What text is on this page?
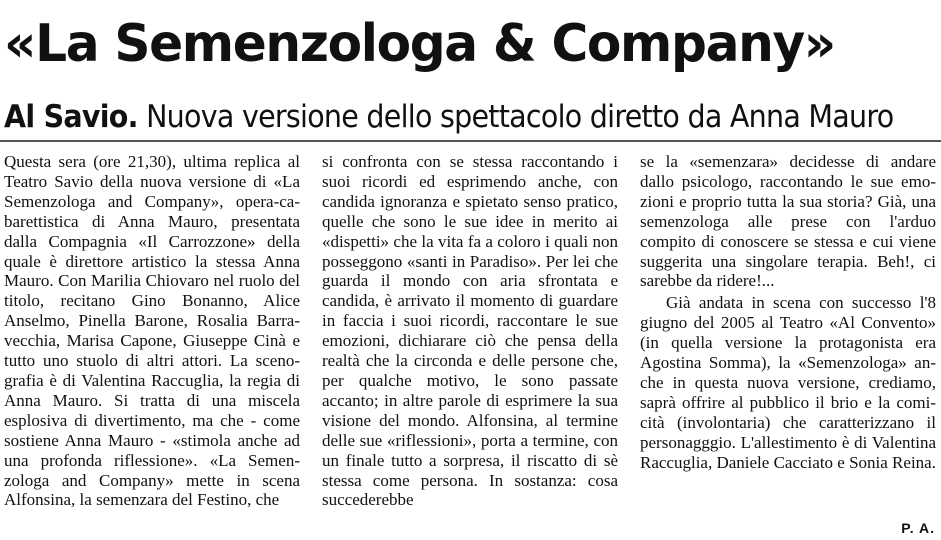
«La Semenzologa & Company»
Al Savio. Nuova versione dello spettacolo diretto da Anna Mauro

Questa sera (ore 21,30), ultima replica al Teatro Savio della nuova versione di «La Semenzologa and Company», opera-cabarettistica di Anna Mauro, presentata dalla Compagnia «Il Carrozzone» della quale è direttore artistico la stessa Anna Mauro. Con Marilia Chiovaro nel ruolo del titolo, recitano Gino Bonanno, Alice Anselmo, Pinella Barone, Rosalia Barravecchia, Marisa Capone, Giuseppe Cinà e tutto uno stuolo di altri attori. La scenografia è di Valentina Raccuglia, la regia di Anna Mauro. Si tratta di una miscela esplosiva di divertimento, ma che - come sostiene Anna Mauro - «stimola anche ad una profonda riflessione». «La Semenzologa and Company» mette in scena Alfonsina, la semenzara del Festino, che

si confronta con se stessa raccontando i suoi ricordi ed esprimendo anche, con candida ignoranza e spietato senso pratico, quelle che sono le sue idee in merito ai «dispetti» che la vita fa a coloro i quali non posseggono «santi in Paradiso». Per lei che guarda il mondo con aria sfrontata e candida, è arrivato il momento di guardare in faccia i suoi ricordi, raccontare le sue emozioni, dichiarare ciò che pensa della realtà che la circonda e delle persone che, per qualche motivo, le sono passate accanto; in altre parole di esprimere la sua visione del mondo. Alfonsina, al termine delle sue «riflessioni», porta a termine, con un finale tutto a sorpresa, il riscatto di sè stessa come persona. In sostanza: cosa succederebbe

se la «semenzara» decidesse di andare dallo psicologo, raccontando le sue emozioni e proprio tutta la sua storia? Già, una semenzologa alle prese con l'arduo compito di conoscere se stessa e cui viene suggerita una singolare terapia. Beh!, ci sarebbe da ridere!...

Già andata in scena con successo l'8 giugno del 2005 al Teatro «Al Convento» (in quella versione la protagonista era Agostina Somma), la «Semenzologa» anche in questa nuova versione, crediamo, saprà offrire al pubblico il brio e la comicità (involontaria) che caratterizzano il personagggio. L'allestimento è di Valentina Raccuglia, Daniele Cacciato e Sonia Reina.

P. A.
